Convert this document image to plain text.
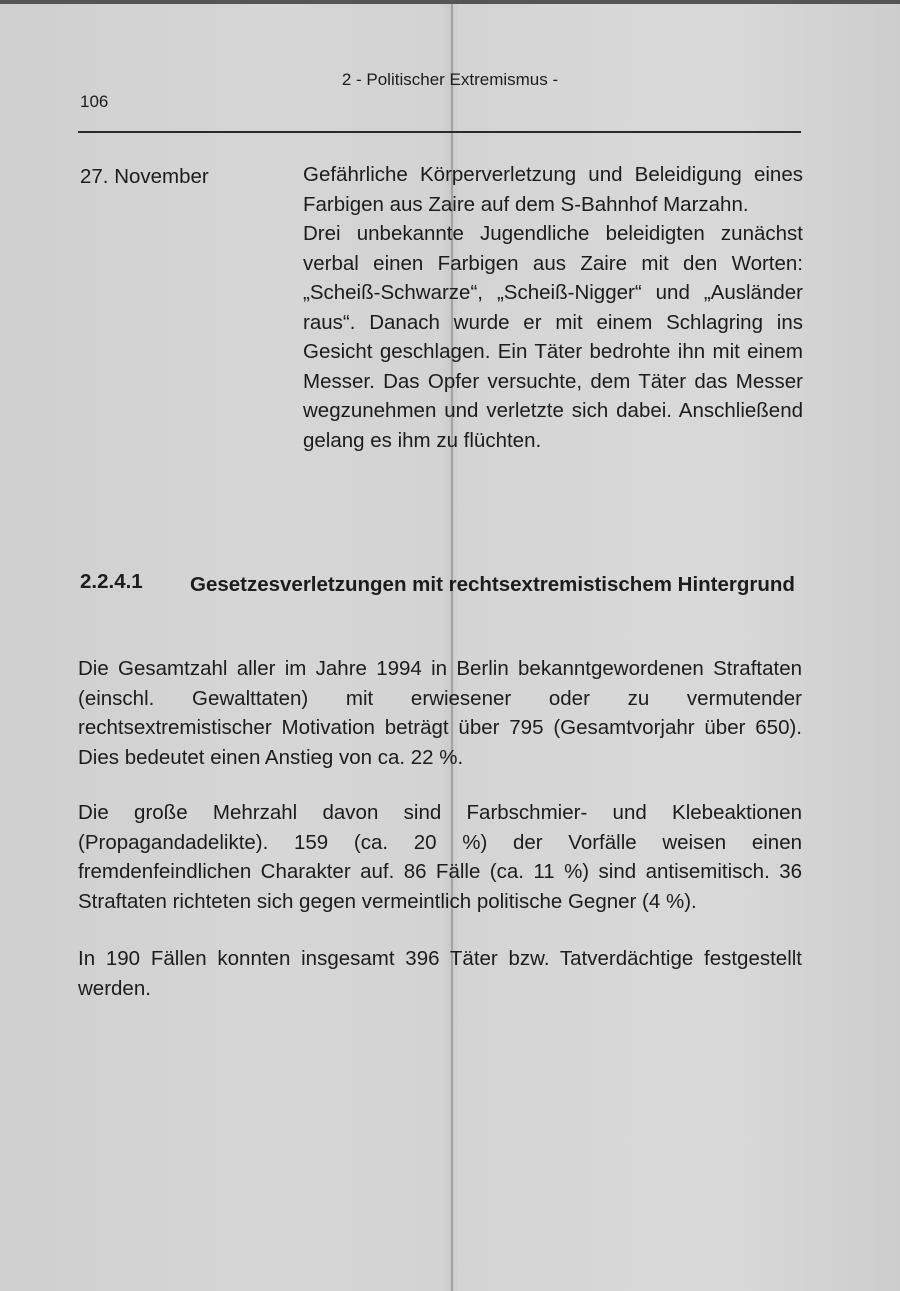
2 - Politischer Extremismus -

106

27. November	Gefährliche Körperverletzung und Beleidigung eines Farbigen aus Zaire auf dem S-Bahnhof Marzahn.

Drei unbekannte Jugendliche beleidigten zunächst verbal einen Farbigen aus Zaire mit den Worten: „Scheiß-Schwarze“, „Scheiß-Nigger“ und „Ausländer raus“. Danach wurde er mit einem Schlagring ins Gesicht geschlagen. Ein Täter bedrohte ihn mit einem Messer. Das Opfer versuchte, dem Täter das Messer wegzunehmen und verletzte sich dabei. Anschließend gelang es ihm zu flüchten.

2.2.4.1 Gesetzesverletzungen mit rechtsextremistischem Hintergrund

Die Gesamtzahl aller im Jahre 1994 in Berlin bekanntgewordenen Straftaten (einschl. Gewalttaten) mit erwiesener oder zu vermutender rechtsextremistischer Motivation beträgt über 795 (Gesamtvorjahr über 650). Dies bedeutet einen Anstieg von ca. 22 %.

Die große Mehrzahl davon sind Farbschmier- und Klebeaktionen (Propagandadelikte). 159 (ca. 20 %) der Vorfälle weisen einen fremdenfeindlichen Charakter auf. 86 Fälle (ca. 11 %) sind antisemitisch. 36 Straftaten richteten sich gegen vermeintlich politische Gegner (4 %).

In 190 Fällen konnten insgesamt 396 Täter bzw. Tatverdächtige festgestellt werden.
